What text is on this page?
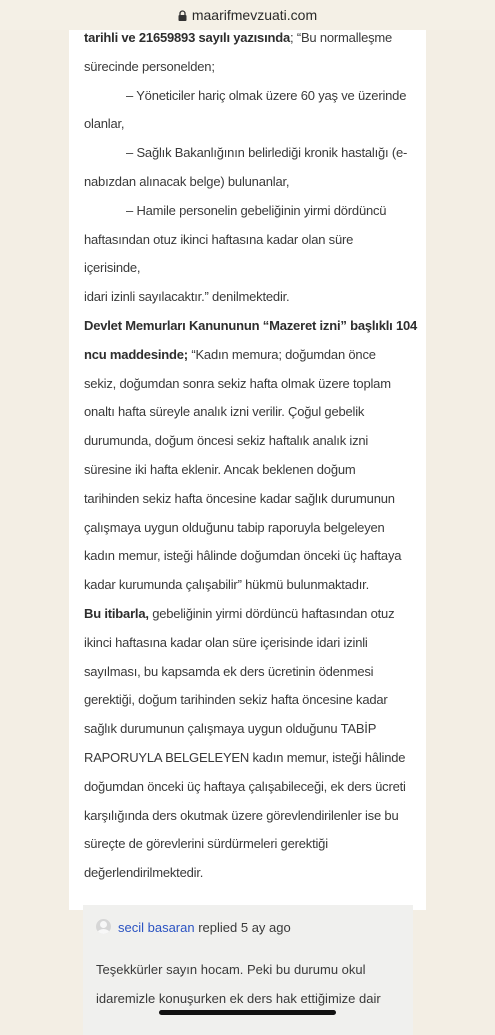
maarifmevzuati.com
tarihli ve 21659893 sayılı yazısında; “Bu normalleşme
sürecinde personelden;
– Yöneticiler hariç olmak üzere 60 yaş ve üzerinde
olanlar,
– Sağlık Bakanlığının belirlediği kronik hastalığı (e-
nabızdan alınacak belge) bulunanlar,
– Hamile personelin gebeliğinin yirmi dördüncü
haftasından otuz ikinci haftasına kadar olan süre
içerisinde,
idari izinli sayılacaktır.” denilmektedir.
Devlet Memurları Kanununun “Mazeret izni” başlıklı 104
ncu maddesinde; “Kadın memura; doğumdan önce
sekiz, doğumdan sonra sekiz hafta olmak üzere toplam
onaltı hafta süreyle analık izni verilir. Çoğul gebelik
durumunda, doğum öncesi sekiz haftalık analık izni
süresine iki hafta eklenir. Ancak beklenen doğum
tarihinden sekiz hafta öncesine kadar sağlık durumunun
çalışmaya uygun olduğunu tabip raporuyla belgeleyen
kadın memur, isteği hâlinde doğumdan önceki üç haftaya
kadar kurumunda çalışabilir” hükmü bulunmaktadır.
Bu itibarla, gebeliğinin yirmi dördüncü haftasından otuz
ikinci haftasına kadar olan süre içerisinde idari izinli
sayılması, bu kapsamda ek ders ücretinin ödenmesi
gerektiği, doğum tarihinden sekiz hafta öncesine kadar
sağlık durumunun çalışmaya uygun olduğunu TABİP
RAPORUYLA BELGELEYEN kadın memur, isteği hâlinde
doğumdan önceki üç haftaya çalışabileceği, ek ders ücreti
karşılığında ders okutmak üzere görevlendirilenler ise bu
süreçte de görevlerini sürdürmeleri gerektiği
değerlendirilmektedir.
secil basaran replied 5 ay ago
Teşekkürler sayın hocam. Peki bu durumu okul
idaremizle konuşurken ek ders hak ettiğimize dair
